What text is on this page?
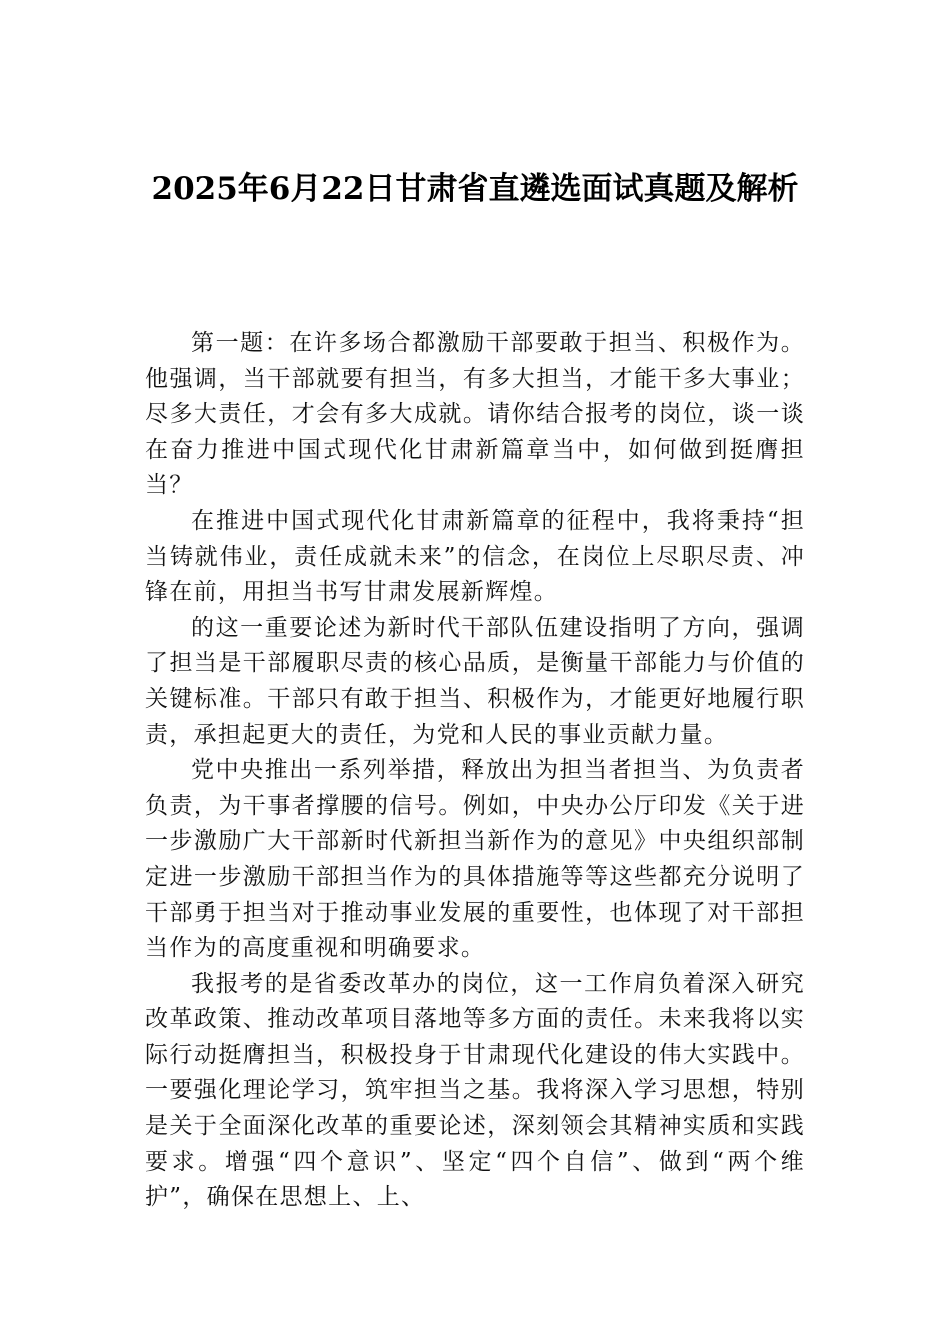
2025年6月22日甘肃省直遴选面试真题及解析

第一题：在许多场合都激励干部要敢于担当、积极作为。他强调，当干部就要有担当，有多大担当，才能干多大事业；尽多大责任，才会有多大成就。请你结合报考的岗位，谈一谈在奋力推进中国式现代化甘肃新篇章当中，如何做到挺膺担当？

在推进中国式现代化甘肃新篇章的征程中，我将秉持“担当铸就伟业，责任成就未来”的信念，在岗位上尽职尽责、冲锋在前，用担当书写甘肃发展新辉煌。

的这一重要论述为新时代干部队伍建设指明了方向，强调了担当是干部履职尽责的核心品质，是衡量干部能力与价值的关键标准。干部只有敢于担当、积极作为，才能更好地履行职责，承担起更大的责任，为党和人民的事业贡献力量。

党中央推出一系列举措，释放出为担当者担当、为负责者负责，为干事者撑腰的信号。例如，中央办公厅印发《关于进一步激励广大干部新时代新担当新作为的意见》中央组织部制定进一步激励干部担当作为的具体措施等等这些都充分说明了干部勇于担当对于推动事业发展的重要性，也体现了对干部担当作为的高度重视和明确要求。

我报考的是省委改革办的岗位，这一工作肩负着深入研究改革政策、推动改革项目落地等多方面的责任。未来我将以实际行动挺膺担当，积极投身于甘肃现代化建设的伟大实践中。一要强化理论学习，筑牢担当之基。我将深入学习思想，特别是关于全面深化改革的重要论述，深刻领会其精神实质和实践要求。增强“四个意识”、坚定“四个自信”、做到“两个维护”，确保在思想上、上、
